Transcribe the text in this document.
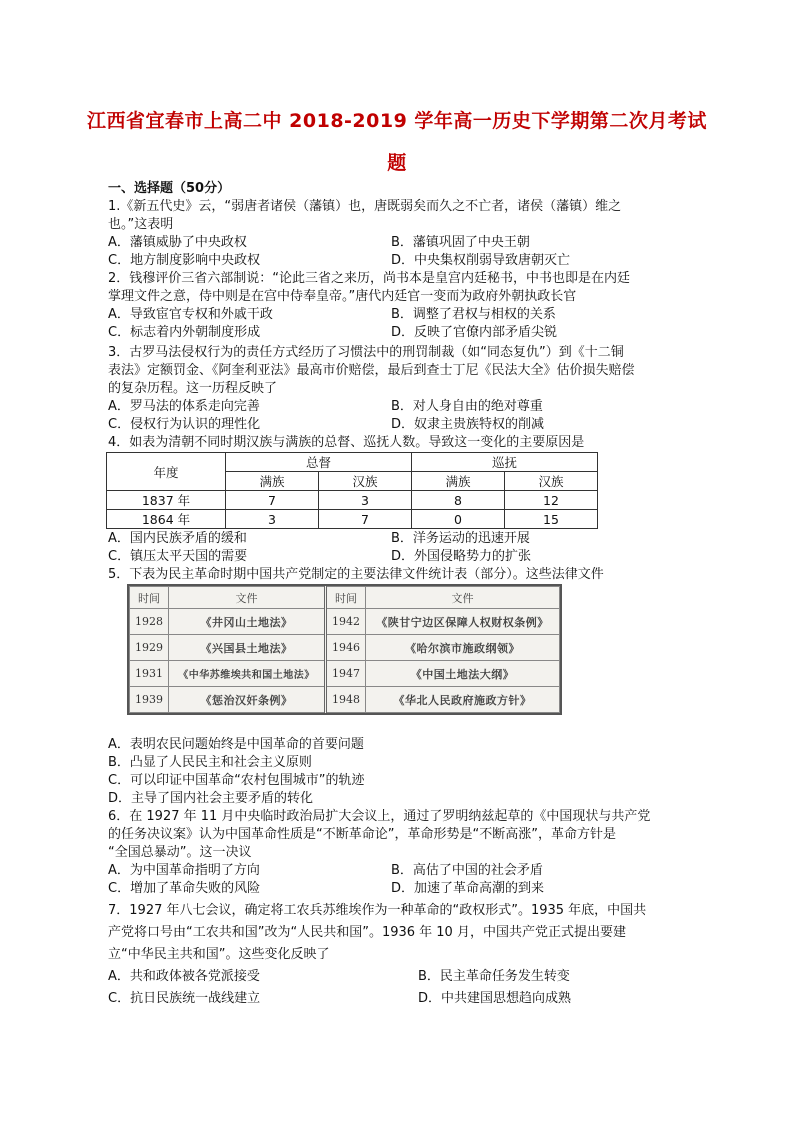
江西省宜春市上高二中 2018-2019 学年高一历史下学期第二次月考试
题
一、选择题（50分）
1.《新五代史》云，“弱唐者诸侯（藩镇）也，唐既弱矣而久之不亡者，诸侯（藩镇）维之
也。”这表明
A．藩镇威胁了中央政权	B．藩镇巩固了中央王朝
C．地方制度影响中央政权	D．中央集权削弱导致唐朝灭亡
2．钱穆评价三省六部制说：“论此三省之来历，尚书本是皇宫内廷秘书，中书也即是在内廷
掌理文件之意，侍中则是在宫中侍奉皇帝。”唐代内廷官一变而为政府外朝执政长官
A．导致宦官专权和外戚干政	B．调整了君权与相权的关系
C．标志着内外朝制度形成	D．反映了官僚内部矛盾尖锐
3．古罗马法侵权行为的责任方式经历了习惯法中的刑罚制裁（如“同态复仇”）到《十二铜
表法》定额罚金、《阿奎利亚法》最高市价赔偿，最后到查士丁尼《民法大全》估价损失赔偿
的复杂历程。这一历程反映了
A．罗马法的体系走向完善	B．对人身自由的绝对尊重
C．侵权行为认识的理性化	D．奴隶主贵族特权的削减
4．如表为清朝不同时期汉族与满族的总督、巡抚人数。导致这一变化的主要原因是
年度	总督		巡抚	
	满族	汉族	满族	汉族
1837 年	7	3	8	12
1864 年	3	7	0	15
A．国内民族矛盾的缓和	B．洋务运动的迅速开展
C．镇压太平天国的需要	D．外国侵略势力的扩张
5．下表为民主革命时期中国共产党制定的主要法律文件统计表（部分）。这些法律文件
时间	文件	时间	文件
1928	《井冈山土地法》	1942	《陕甘宁边区保障人权财权条例》
1929	《兴国县土地法》	1946	《哈尔滨市施政纲领》
1931	《中华苏维埃共和国土地法》	1947	《中国土地法大纲》
1939	《惩治汉奸条例》	1948	《华北人民政府施政方针》
A．表明农民问题始终是中国革命的首要问题
B．凸显了人民民主和社会主义原则
C．可以印证中国革命“农村包围城市”的轨迹
D．主导了国内社会主要矛盾的转化
6．在 1927 年 11 月中央临时政治局扩大会议上，通过了罗明纳兹起草的《中国现状与共产党
的任务决议案》认为中国革命性质是“不断革命论”，革命形势是“不断高涨”，革命方针是
“全国总暴动”。这一决议
A．为中国革命指明了方向	B．高估了中国的社会矛盾
C．增加了革命失败的风险	D．加速了革命高潮的到来
7．1927 年八七会议，确定将工农兵苏维埃作为一种革命的“政权形式”。1935 年底，中国共
产党将口号由“工农共和国”改为“人民共和国”。1936 年 10 月，中国共产党正式提出要建
立“中华民主共和国”。这些变化反映了
A．共和政体被各党派接受	B．民主革命任务发生转变
C．抗日民族统一战线建立	D．中共建国思想趋向成熟
